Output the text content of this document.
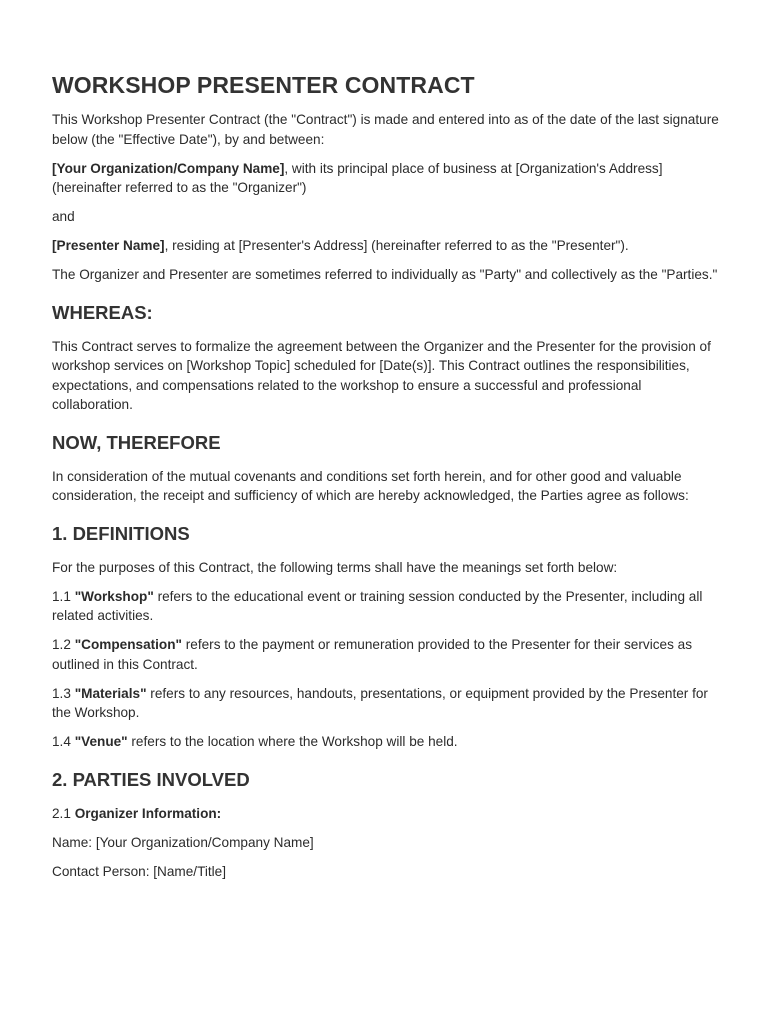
WORKSHOP PRESENTER CONTRACT

This Workshop Presenter Contract (the "Contract") is made and entered into as of the date of the last signature below (the "Effective Date"), by and between:

[Your Organization/Company Name], with its principal place of business at [Organization's Address] (hereinafter referred to as the "Organizer")

and

[Presenter Name], residing at [Presenter's Address] (hereinafter referred to as the "Presenter").

The Organizer and Presenter are sometimes referred to individually as "Party" and collectively as the "Parties."

WHEREAS:

This Contract serves to formalize the agreement between the Organizer and the Presenter for the provision of workshop services on [Workshop Topic] scheduled for [Date(s)]. This Contract outlines the responsibilities, expectations, and compensations related to the workshop to ensure a successful and professional collaboration.

NOW, THEREFORE

In consideration of the mutual covenants and conditions set forth herein, and for other good and valuable consideration, the receipt and sufficiency of which are hereby acknowledged, the Parties agree as follows:

1. DEFINITIONS

For the purposes of this Contract, the following terms shall have the meanings set forth below:

1.1 "Workshop" refers to the educational event or training session conducted by the Presenter, including all related activities.

1.2 "Compensation" refers to the payment or remuneration provided to the Presenter for their services as outlined in this Contract.

1.3 "Materials" refers to any resources, handouts, presentations, or equipment provided by the Presenter for the Workshop.

1.4 "Venue" refers to the location where the Workshop will be held.

2. PARTIES INVOLVED

2.1 Organizer Information:

Name: [Your Organization/Company Name]

Contact Person: [Name/Title]
